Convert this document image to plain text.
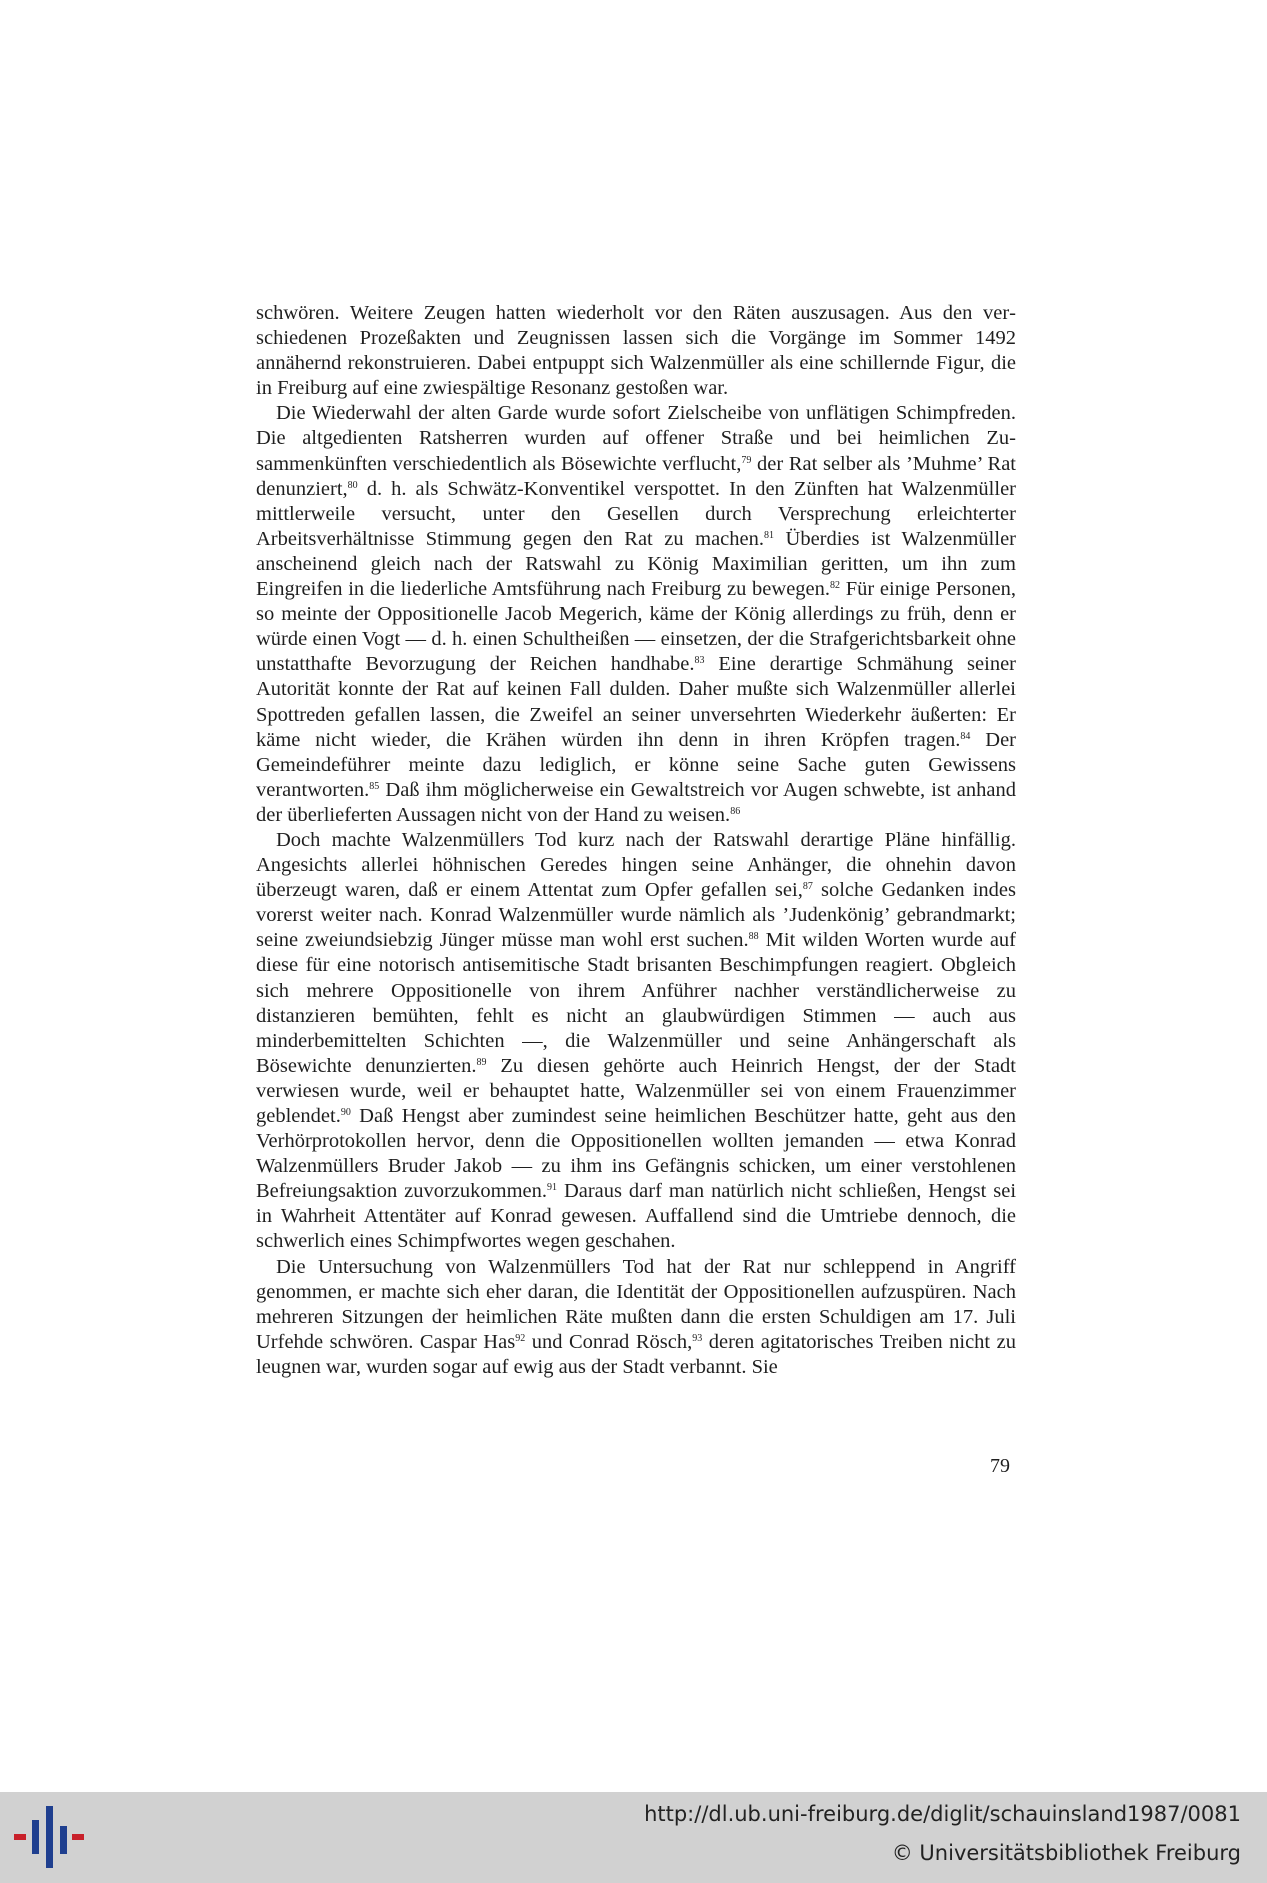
schwören. Weitere Zeugen hatten wiederholt vor den Räten auszusagen. Aus den verschiedenen Prozeßakten und Zeugnissen lassen sich die Vorgänge im Sommer 1492 annähernd rekonstruieren. Dabei entpuppt sich Walzenmüller als eine schillernde Figur, die in Freiburg auf eine zwiespältige Resonanz gestoßen war.

Die Wiederwahl der alten Garde wurde sofort Zielscheibe von unflätigen Schimpfreden. Die altgedienten Ratsherren wurden auf offener Straße und bei heimlichen Zusammenkünften verschiedentlich als Bösewichte verflucht,$^{79}$ der Rat selber als ’Muhme’ Rat denunziert,$^{80}$ d. h. als Schwätz-Konventikel verspottet. In den Zünften hat Walzenmüller mittlerweile versucht, unter den Gesellen durch Versprechung erleichterter Arbeitsverhältnisse Stimmung gegen den Rat zu machen.$^{81}$ Überdies ist Walzenmüller anscheinend gleich nach der Ratswahl zu König Maximilian geritten, um ihn zum Eingreifen in die liederliche Amtsführung nach Freiburg zu bewegen.$^{82}$ Für einige Personen, so meinte der Oppositionelle Jacob Megerich, käme der König allerdings zu früh, denn er würde einen Vogt — d. h. einen Schultheißen — einsetzen, der die Strafgerichtsbarkeit ohne unstatthafte Bevorzugung der Reichen handhabe.$^{83}$ Eine derartige Schmähung seiner Autorität konnte der Rat auf keinen Fall dulden. Daher mußte sich Walzenmüller allerlei Spottreden gefallen lassen, die Zweifel an seiner unversehrten Wiederkehr äußerten: Er käme nicht wieder, die Krähen würden ihn denn in ihren Kröpfen tragen.$^{84}$ Der Gemeindeführer meinte dazu lediglich, er könne seine Sache guten Gewissens verantworten.$^{85}$ Daß ihm möglicherweise ein Gewaltstreich vor Augen schwebte, ist anhand der überlieferten Aussagen nicht von der Hand zu weisen.$^{86}$

Doch machte Walzenmüllers Tod kurz nach der Ratswahl derartige Pläne hinfällig. Angesichts allerlei höhnischen Geredes hingen seine Anhänger, die ohnehin davon überzeugt waren, daß er einem Attentat zum Opfer gefallen sei,$^{87}$ solche Gedanken indes vorerst weiter nach. Konrad Walzenmüller wurde nämlich als ’Judenkönig’ gebrandmarkt; seine zweiundsiebzig Jünger müsse man wohl erst suchen.$^{88}$ Mit wilden Worten wurde auf diese für eine notorisch antisemitische Stadt brisanten Beschimpfungen reagiert. Obgleich sich mehrere Oppositionelle von ihrem Anführer nachher verständlicherweise zu distanzieren bemühten, fehlt es nicht an glaubwürdigen Stimmen — auch aus minderbemittelten Schichten —, die Walzenmüller und seine Anhängerschaft als Bösewichte denunzierten.$^{89}$ Zu diesen gehörte auch Heinrich Hengst, der der Stadt verwiesen wurde, weil er behauptet hatte, Walzenmüller sei von einem Frauenzimmer geblendet.$^{90}$ Daß Hengst aber zumindest seine heimlichen Beschützer hatte, geht aus den Verhörprotokollen hervor, denn die Oppositionellen wollten jemanden — etwa Konrad Walzenmüllers Bruder Jakob — zu ihm ins Gefängnis schicken, um einer verstohlenen Befreiungsaktion zuvorzukommen.$^{91}$ Daraus darf man natürlich nicht schließen, Hengst sei in Wahrheit Attentäter auf Konrad gewesen. Auffallend sind die Umtriebe dennoch, die schwerlich eines Schimpfwortes wegen geschahen.

Die Untersuchung von Walzenmüllers Tod hat der Rat nur schleppend in Angriff genommen, er machte sich eher daran, die Identität der Oppositionellen aufzuspüren. Nach mehreren Sitzungen der heimlichen Räte mußten dann die ersten Schuldigen am 17. Juli Urfehde schwören. Caspar Has$^{92}$ und Conrad Rösch,$^{93}$ deren agitatorisches Treiben nicht zu leugnen war, wurden sogar auf ewig aus der Stadt verbannt. Sie

79
http://dl.ub.uni-freiburg.de/diglit/schauinsland1987/0081
© Universitätsbibliothek Freiburg
